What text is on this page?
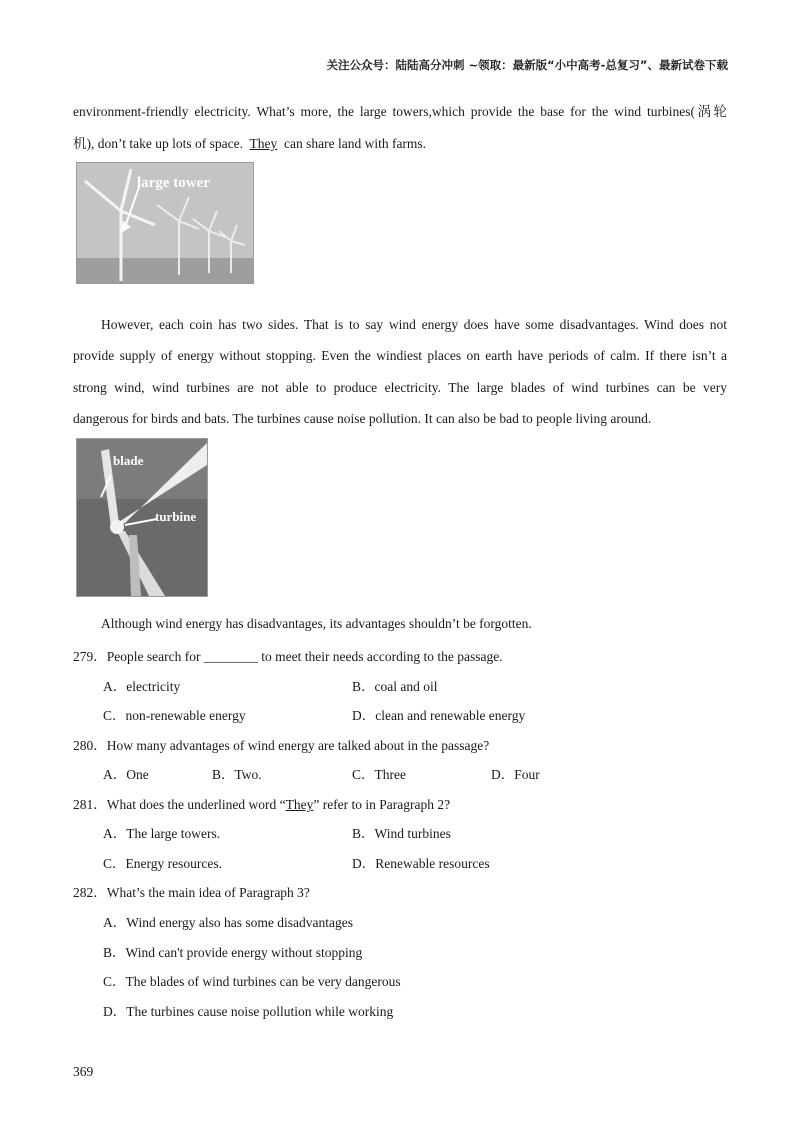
关注公众号：陆陆高分冲刺 ~领取：最新版“小中高考-总复习”、最新试卷下载
environment-friendly electricity. What’s more, the large towers,which provide the base for the wind turbines(涡轮
机), don’t take up lots of space. They can share land with farms.
large tower
However, each coin has two sides. That is to say wind energy does have some disadvantages. Wind does not
provide supply of energy without stopping. Even the windiest places on earth have periods of calm. If there isn’t a
strong wind, wind turbines are not able to produce electricity. The large blades of wind turbines can be very
dangerous for birds and bats. The turbines cause noise pollution. It can also be bad to people living around.
blade
turbine
Although wind energy has disadvantages, its advantages shouldn’t be forgotten.
279．People search for ________ to meet their needs according to the passage.
A．electricity	B．coal and oil
C．non-renewable energy	D．clean and renewable energy
280．How many advantages of wind energy are talked about in the passage?
A．One	B．Two.	C．Three	D．Four
281．What does the underlined word “They” refer to in Paragraph 2?
A．The large towers.	B．Wind turbines
C．Energy resources.	D．Renewable resources
282．What’s the main idea of Paragraph 3?
A．Wind energy also has some disadvantages
B．Wind can't provide energy without stopping
C．The blades of wind turbines can be very dangerous
D．The turbines cause noise pollution while working
369
